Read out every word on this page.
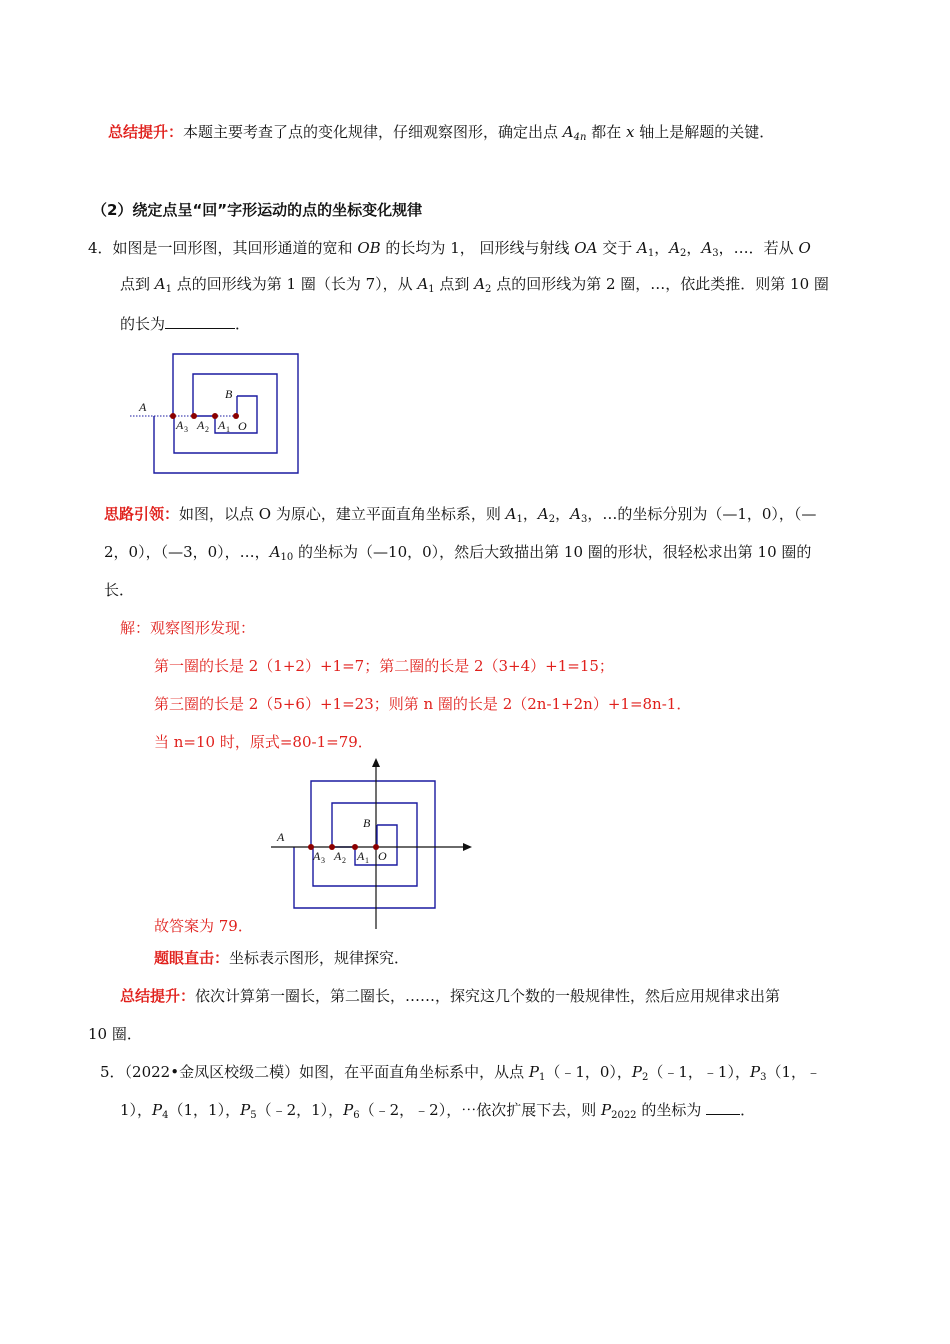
总结提升：本题主要考查了点的变化规律，仔细观察图形，确定出点 $A_{4n}$ 都在 x 轴上是解题的关键．
（2）绕定点呈“回”字形运动的点的坐标变化规律
4．如图是一回形图，其回形通道的宽和 OB 的长均为 1， 回形线与射线 OA 交于 $A_1$，$A_2$，$A_3$，…．若从 O
点到 $A_1$ 点的回形线为第 1 圈（长为 7），从 $A_1$ 点到 $A_2$ 点的回形线为第 2 圈，…，依此类推．则第 10 圈
的长为	．
A
B
O
A 3 A 2 A 1
思路引领：如图，以点 O 为原心，建立平面直角坐标系，则 $A_1$，$A_2$，$A_3$，…的坐标分别为（—1，0），（—
2，0），（—3，0），…，$A_{10}$ 的坐标为（—10，0），然后大致描出第 10 圈的形状，很轻松求出第 10 圈的
长．
解：观察图形发现：
第一圈的长是 2（1+2）+1=7；第二圈的长是 2（3+4）+1=15；
第三圈的长是 2（5+6）+1=23；则第 n 圈的长是 2（2n-1+2n）+1=8n-1．
当 n=10 时，原式=80-1=79．
A
B
O
A 3 A 2 A 1
故答案为 79．
题眼直击：坐标表示图形，规律探究．
总结提升：依次计算第一圈长，第二圈长，……，探究这几个数的一般规律性，然后应用规律求出第
10 圈．
5．（2022•金凤区校级二模）如图，在平面直角坐标系中，从点 $P_1(﹣1$，0），$P_2(﹣1$，﹣1），$P_3(1$，﹣
1），$P_4(1$，1），$P_5(﹣2$，1），$P_6(﹣2$，﹣2），⋯依次扩展下去，则 $P_{2022}$ 的坐标为 ．
